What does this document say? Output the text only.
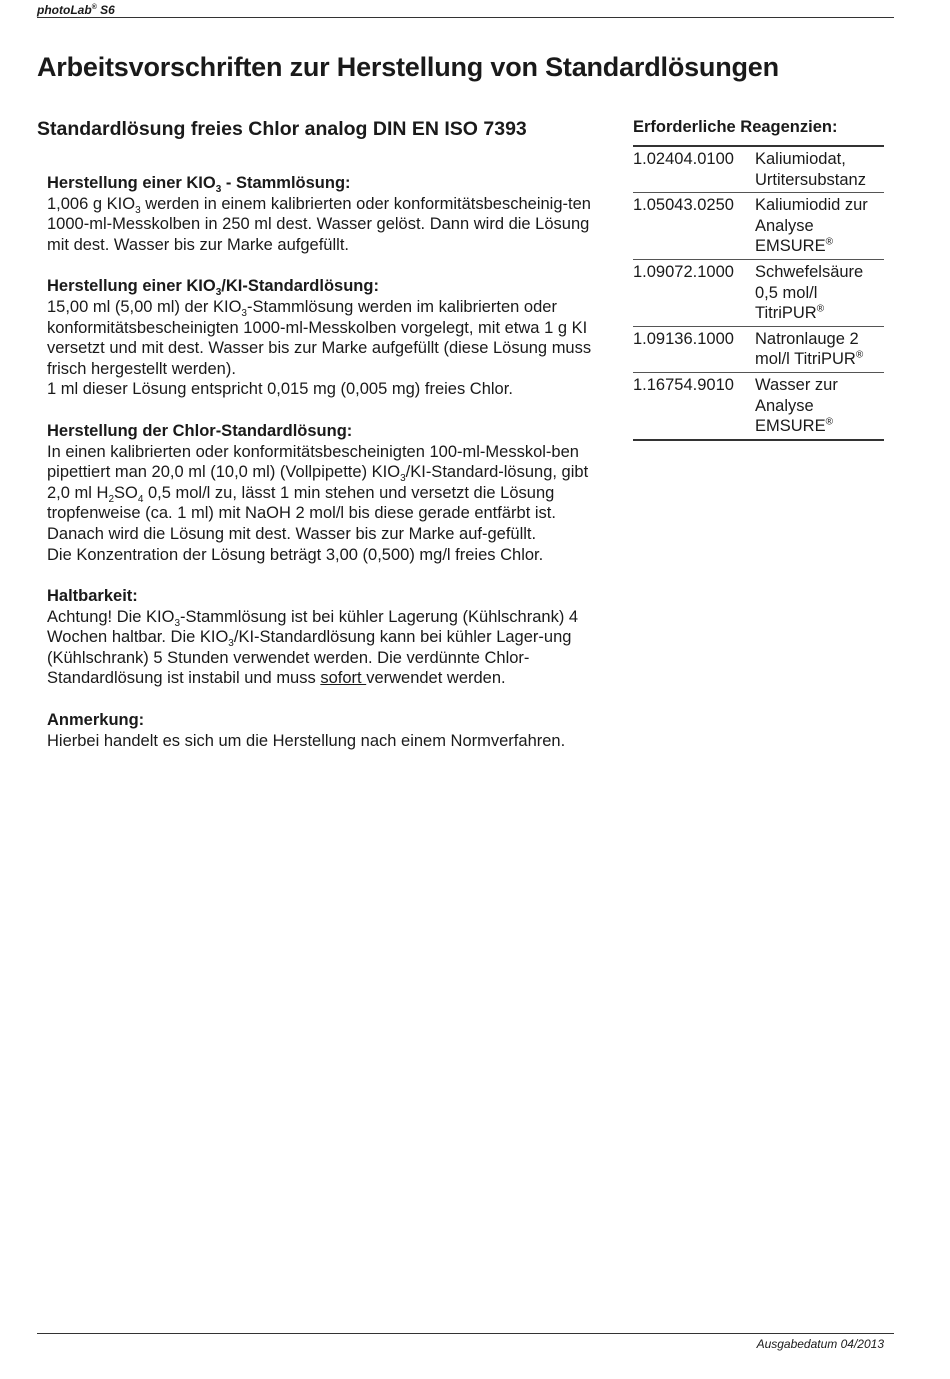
photoLab® S6
Arbeitsvorschriften zur Herstellung von Standardlösungen
Standardlösung freies Chlor analog DIN EN ISO 7393
Herstellung einer $KIO_3$ - Stammlösung:

1,006 g $KIO_3$ werden in einem kalibrierten oder konformitätsbescheinig-ten 1000-ml-Messkolben in 250 ml dest. Wasser gelöst. Dann wird die Lösung mit dest. Wasser bis zur Marke aufgefüllt.

Herstellung einer $KIO_3/KI$-Standardlösung:

15,00 ml (5,00 ml) der $KIO_3$-Stammlösung werden im kalibrierten oder konformitätsbescheinigten 1000-ml-Messkolben vorgelegt, mit etwa 1 g KI versetzt und mit dest. Wasser bis zur Marke aufgefüllt (diese Lösung muss frisch hergestellt werden).

1 ml dieser Lösung entspricht 0,015 mg (0,005 mg) freies Chlor.

Herstellung der Chlor-Standardlösung:

In einen kalibrierten oder konformitätsbescheinigten 100-ml-Messkol-ben pipettiert man 20,0 ml (10,0 ml) (Vollpipette) $KIO_3/KI-Standard$-lösung, gibt 2,0 ml $H_2SO_4$ 0,5 mol/l zu, lässt 1 min stehen und versetzt die Lösung tropfenweise (ca. 1 ml) mit NaOH 2 mol/l bis diese gerade entfärbt ist. Danach wird die Lösung mit dest. Wasser bis zur Marke auf-gefüllt.

Die Konzentration der Lösung beträgt 3,00 (0,500) mg/l freies Chlor.

Haltbarkeit:

Achtung! Die $KIO_3$-Stammlösung ist bei kühler Lagerung (Kühlschrank) 4 Wochen haltbar. Die $KIO_3/KI$-Standardlösung kann bei kühler Lager-ung (Kühlschrank) 5 Stunden verwendet werden. Die verdünnte Chlor-Standardlösung ist instabil und muss sofort verwendet werden.

Anmerkung:

Hierbei handelt es sich um die Herstellung nach einem Normverfahren.

Erforderliche Reagenzien:
1.02404.0100	Kaliumiodat, Urtitersubstanz
1.05043.0250	Kaliumiodid zur Analyse EMSURE®
1.09072.1000	Schwefelsäure 0,5 mol/l TitriPUR®
1.09136.1000	Natronlauge 2 mol/l TitriPUR®
1.16754.9010	Wasser zur Analyse EMSURE®
Ausgabedatum 04/2013
